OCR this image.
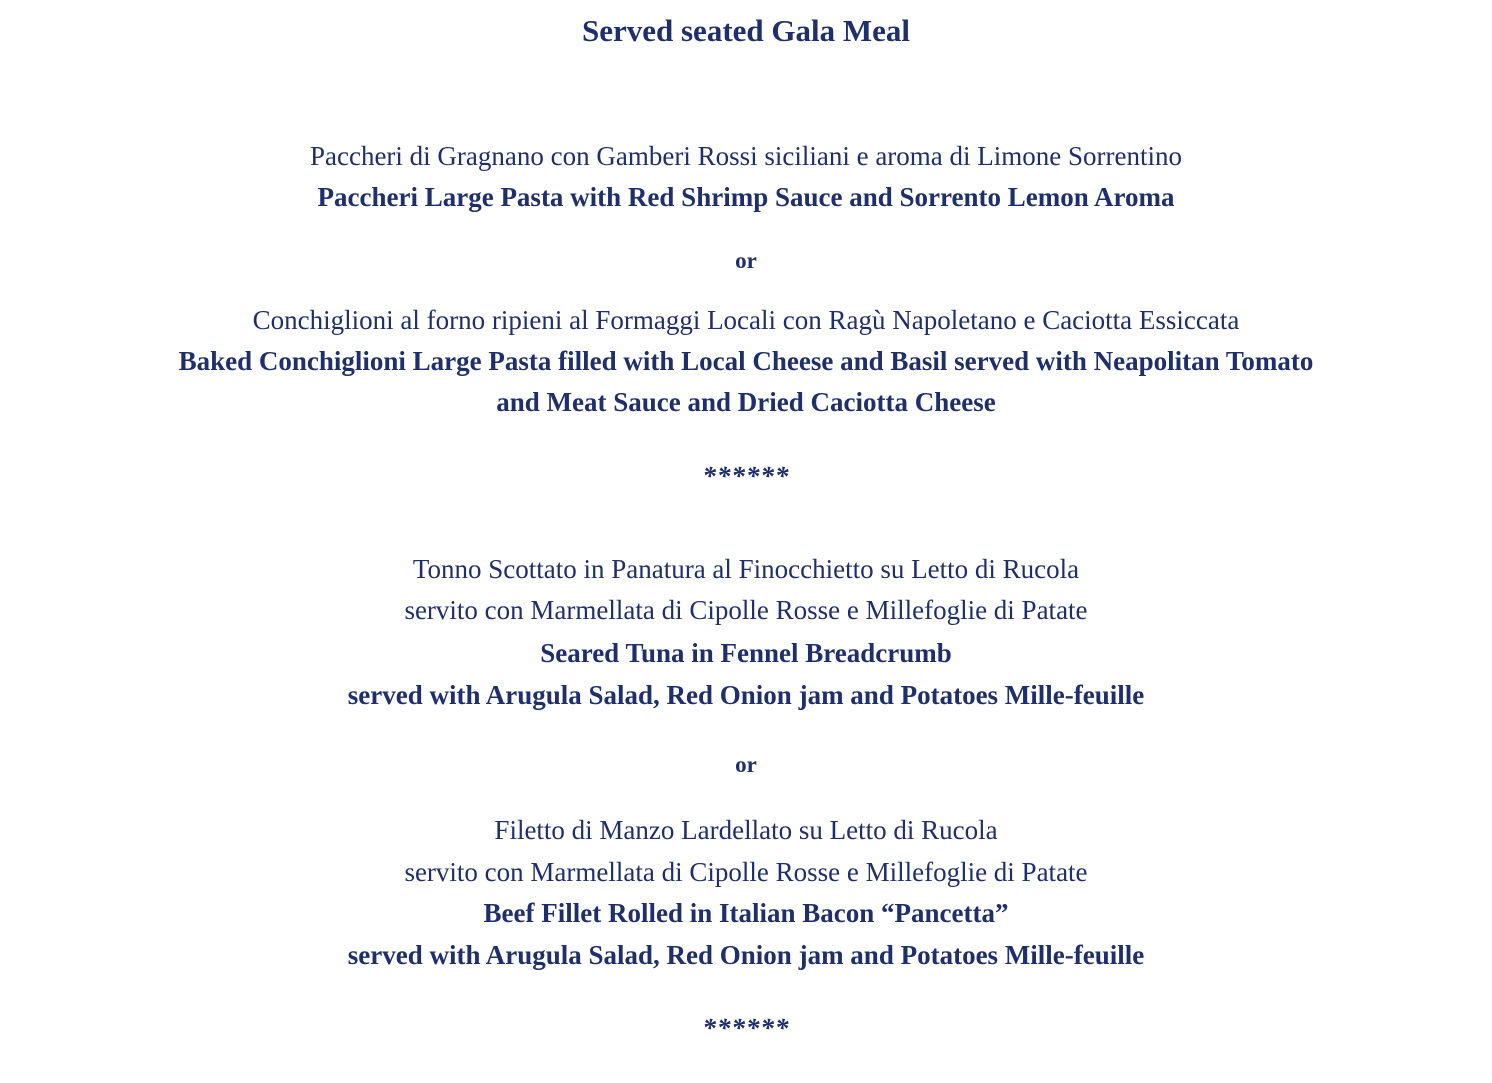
Served seated Gala Meal
Paccheri di Gragnano con Gamberi Rossi siciliani e aroma di Limone Sorrentino
Paccheri Large Pasta with Red Shrimp Sauce and Sorrento Lemon Aroma
or
Conchiglioni al forno ripieni al Formaggi Locali con Ragù Napoletano e Caciotta Essiccata
Baked Conchiglioni Large Pasta filled with Local Cheese and Basil served with Neapolitan Tomato
and Meat Sauce and Dried Caciotta Cheese
******
Tonno Scottato in Panatura al Finocchietto su Letto di Rucola
servito con Marmellata di Cipolle Rosse e Millefoglie di Patate
Seared Tuna in Fennel Breadcrumb
served with Arugula Salad, Red Onion jam and Potatoes Mille-feuille
or
Filetto di Manzo Lardellato su Letto di Rucola
servito con Marmellata di Cipolle Rosse e Millefoglie di Patate
Beef Fillet Rolled in Italian Bacon “Pancetta”
served with Arugula Salad, Red Onion jam and Potatoes Mille-feuille
******
